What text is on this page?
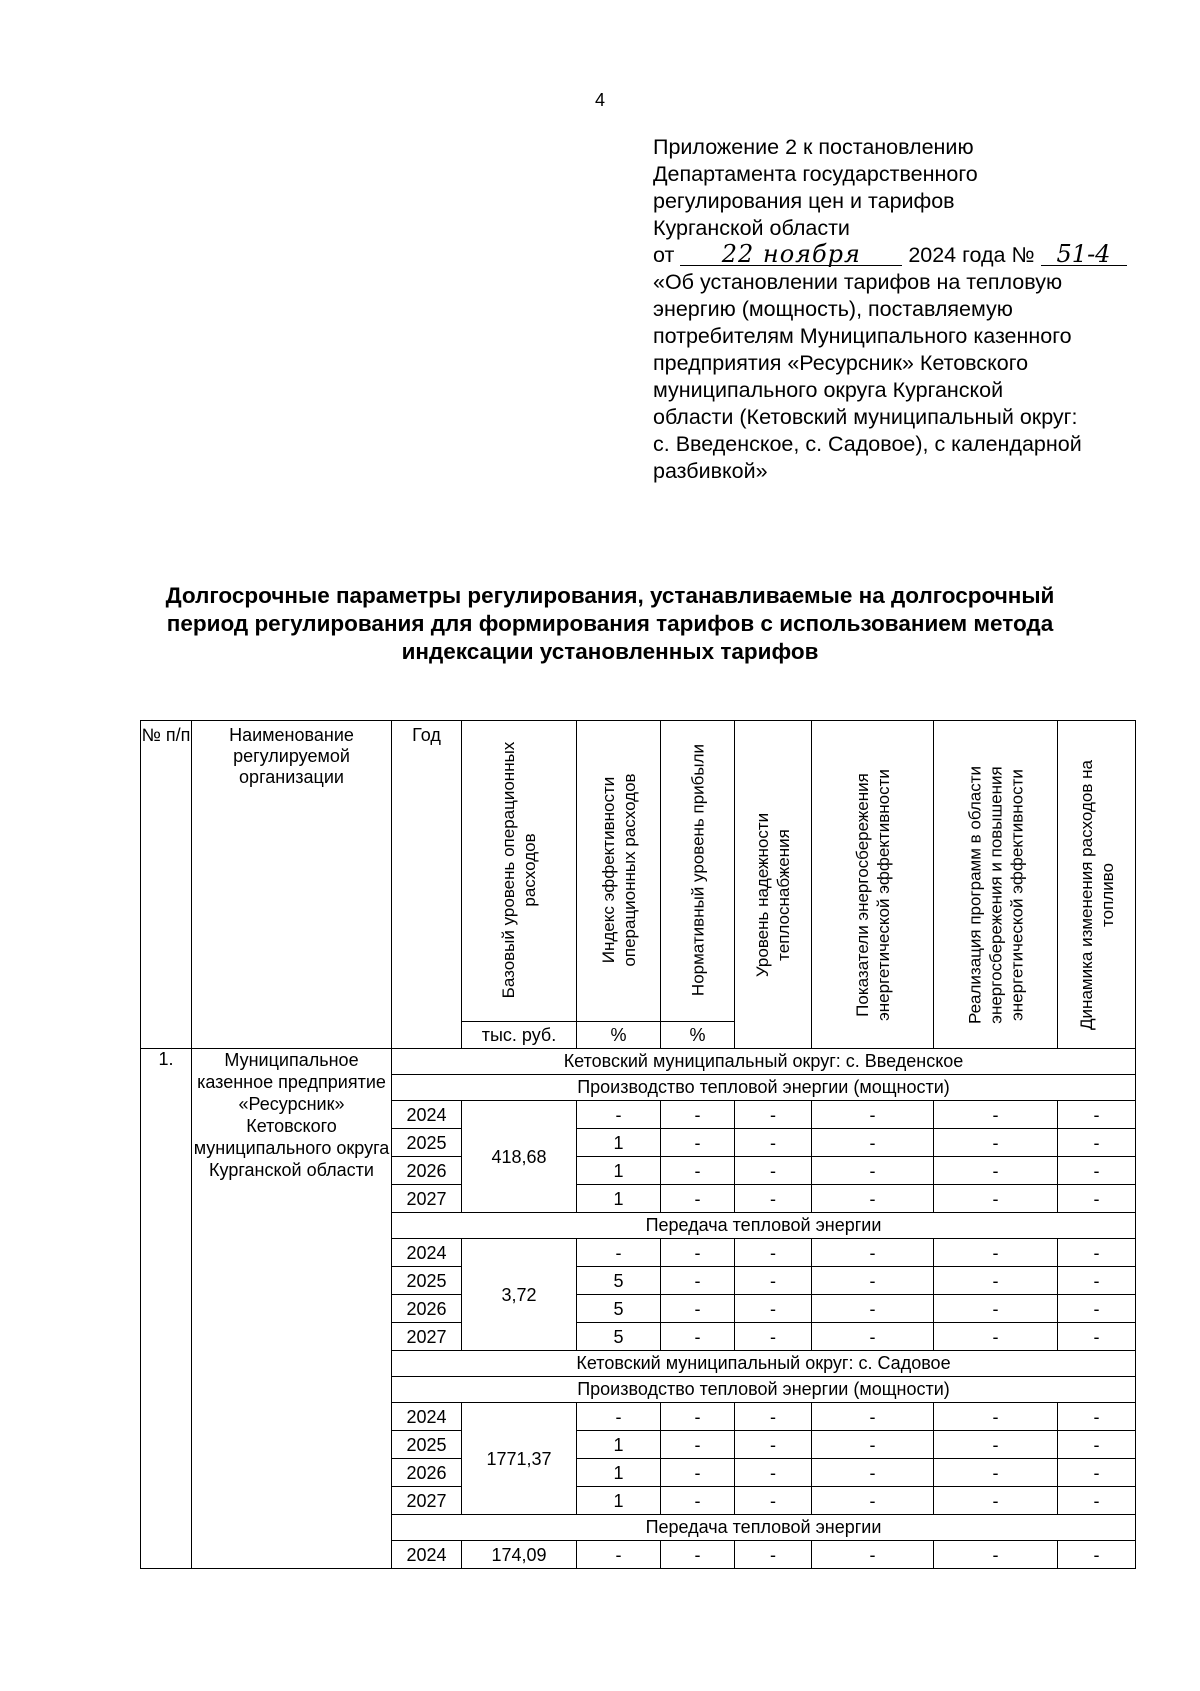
4
Приложение 2 к постановлению
Департамента государственного
регулирования цен и тарифов
Курганской области
от 22 ноября 2024 года № 51-4
«Об установлении тарифов на тепловую
энергию (мощность), поставляемую
потребителям Муниципального казенного
предприятия «Ресурсник» Кетовского
муниципального округа Курганской
области (Кетовский муниципальный округ:
с. Введенское, с. Садовое), с календарной
разбивкой»
Долгосрочные параметры регулирования, устанавливаемые на долгосрочный
период регулирования для формирования тарифов с использованием метода
индексации установленных тарифов
№ п/п	Наименование регулируемой организации	Год	Базовый уровень операционных расходов	Индекс эффективности операционных расходов	Нормативный уровень прибыли	Уровень надежности теплоснабжения	Показатели энергосбережения энергетической эффективности	Реализация программ в области энергосбережения и повышения энергетической эффективности	Динамика изменения расходов на топливо

			тыс. руб.	%	%				
1.	Муниципальное казенное предприятие «Ресурсник» Кетовского муниципального округа Курганской области	Кетовский муниципальный округ: с. Введенское							
		Производство тепловой энергии (мощности)							
		2024	418,68	-	-	-	-	-	-
		2025		1	-	-	-	-	-
		2026		1	-	-	-	-	-
		2027		1	-	-	-	-	-
		Передача тепловой энергии							
		2024	3,72	-	-	-	-	-	-
		2025		5	-	-	-	-	-
		2026		5	-	-	-	-	-
		2027		5	-	-	-	-	-
		Кетовский муниципальный округ: с. Садовое							
		Производство тепловой энергии (мощности)							
		2024	1771,37	-	-	-	-	-	-
		2025		1	-	-	-	-	-
		2026		1	-	-	-	-	-
		2027		1	-	-	-	-	-
		Передача тепловой энергии							
		2024	174,09	-	-	-	-	-	-
